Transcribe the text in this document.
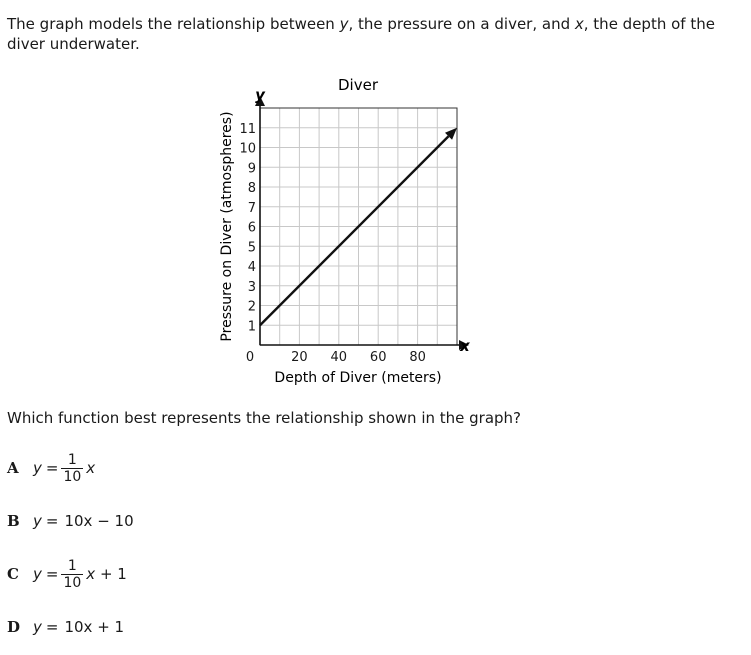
The graph models the relationship between y, the pressure on a diver, and x, the depth of the diver underwater.
0	20 40 60 80
1
2
3
4
5
6
7
8
9
10
11
Diver
Depth of Diver (meters)
Pressure on Diver (atmospheres)
x
y
Which function best represents the relationship shown in the graph?
A $y = \frac{1}{10}$ x
B y = 10x − 10
C $y = \frac{1}{10}$ x + 1
D y = 10x + 1
